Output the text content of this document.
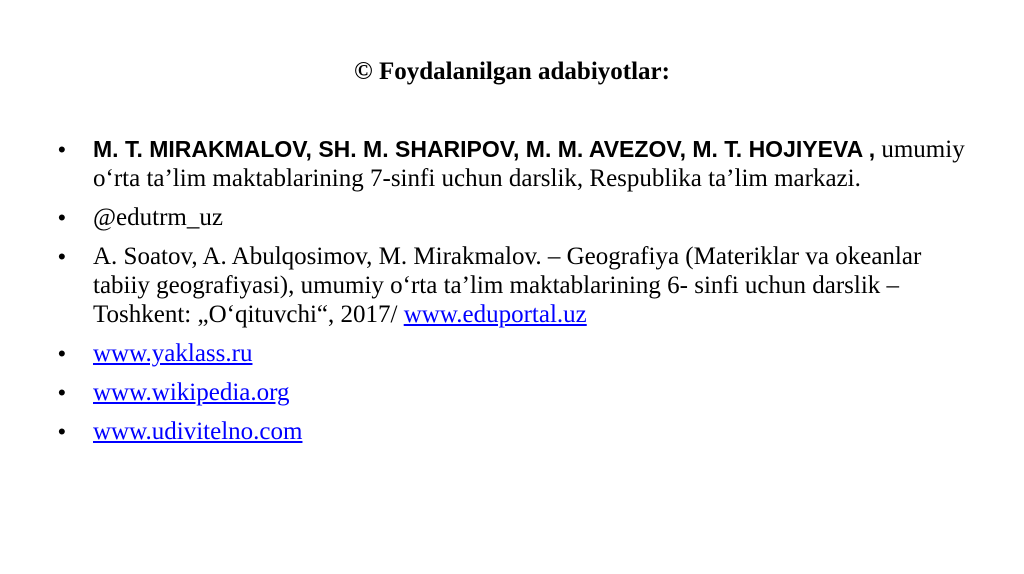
© Foydalanilgan adabiyotlar:
• M. T. MIRAKMALOV, SH. M. SHARIPOV, M. M. AVEZOV, M. T. HOJIYEVA , umumiy o‘rta ta’lim maktablarining 7-sinfi uchun darslik, Respublika ta’lim markazi.
• @edutrm_uz
• A. Soatov, A. Abulqosimov, M. Mirakmalov. – Geografiya (Materiklar va okeanlar tabiiy geografiyasi), umumiy o‘rta ta’lim maktablarining 6- sinfi uchun darslik – Toshkent: „O‘qituvchi“, 2017/ www.eduportal.uz
• www.yaklass.ru
• www.wikipedia.org
• www.udivitelno.com
